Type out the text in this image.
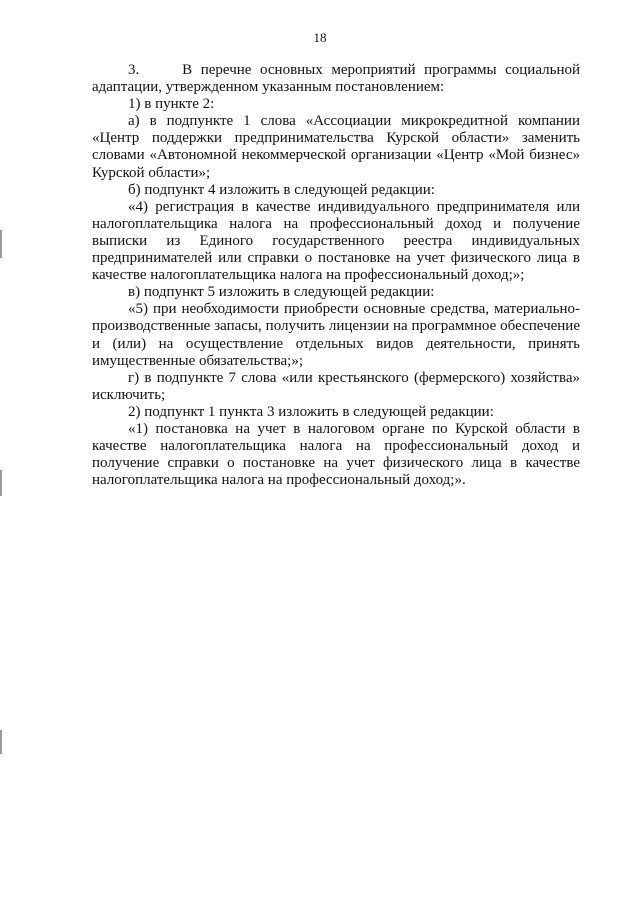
18

3.     В перечне основных мероприятий программы социальной адаптации, утвержденном указанным постановлением:

1) в пункте 2:

а) в подпункте 1 слова «Ассоциации микрокредитной компании «Центр поддержки предпринимательства Курской области» заменить словами «Автономной некоммерческой организации «Центр «Мой бизнес» Курской области»;

б) подпункт 4 изложить в следующей редакции:

«4) регистрация в качестве индивидуального предпринимателя или налогоплательщика налога на профессиональный доход и получение выписки из Единого государственного реестра индивидуальных предпринимателей или справки о постановке на учет физического лица в качестве налогоплательщика налога на профессиональный доход;»;

в) подпункт 5 изложить в следующей редакции:

«5) при необходимости приобрести основные средства, материально-производственные запасы, получить лицензии на программное обеспечение и (или) на осуществление отдельных видов деятельности, принять имущественные обязательства;»;

г) в подпункте 7 слова «или крестьянского (фермерского) хозяйства» исключить;

2) подпункт 1 пункта 3 изложить в следующей редакции:

«1) постановка на учет в налоговом органе по Курской области в качестве налогоплательщика налога на профессиональный доход и получение справки о постановке на учет физического лица в качестве налогоплательщика налога на профессиональный доход;».
